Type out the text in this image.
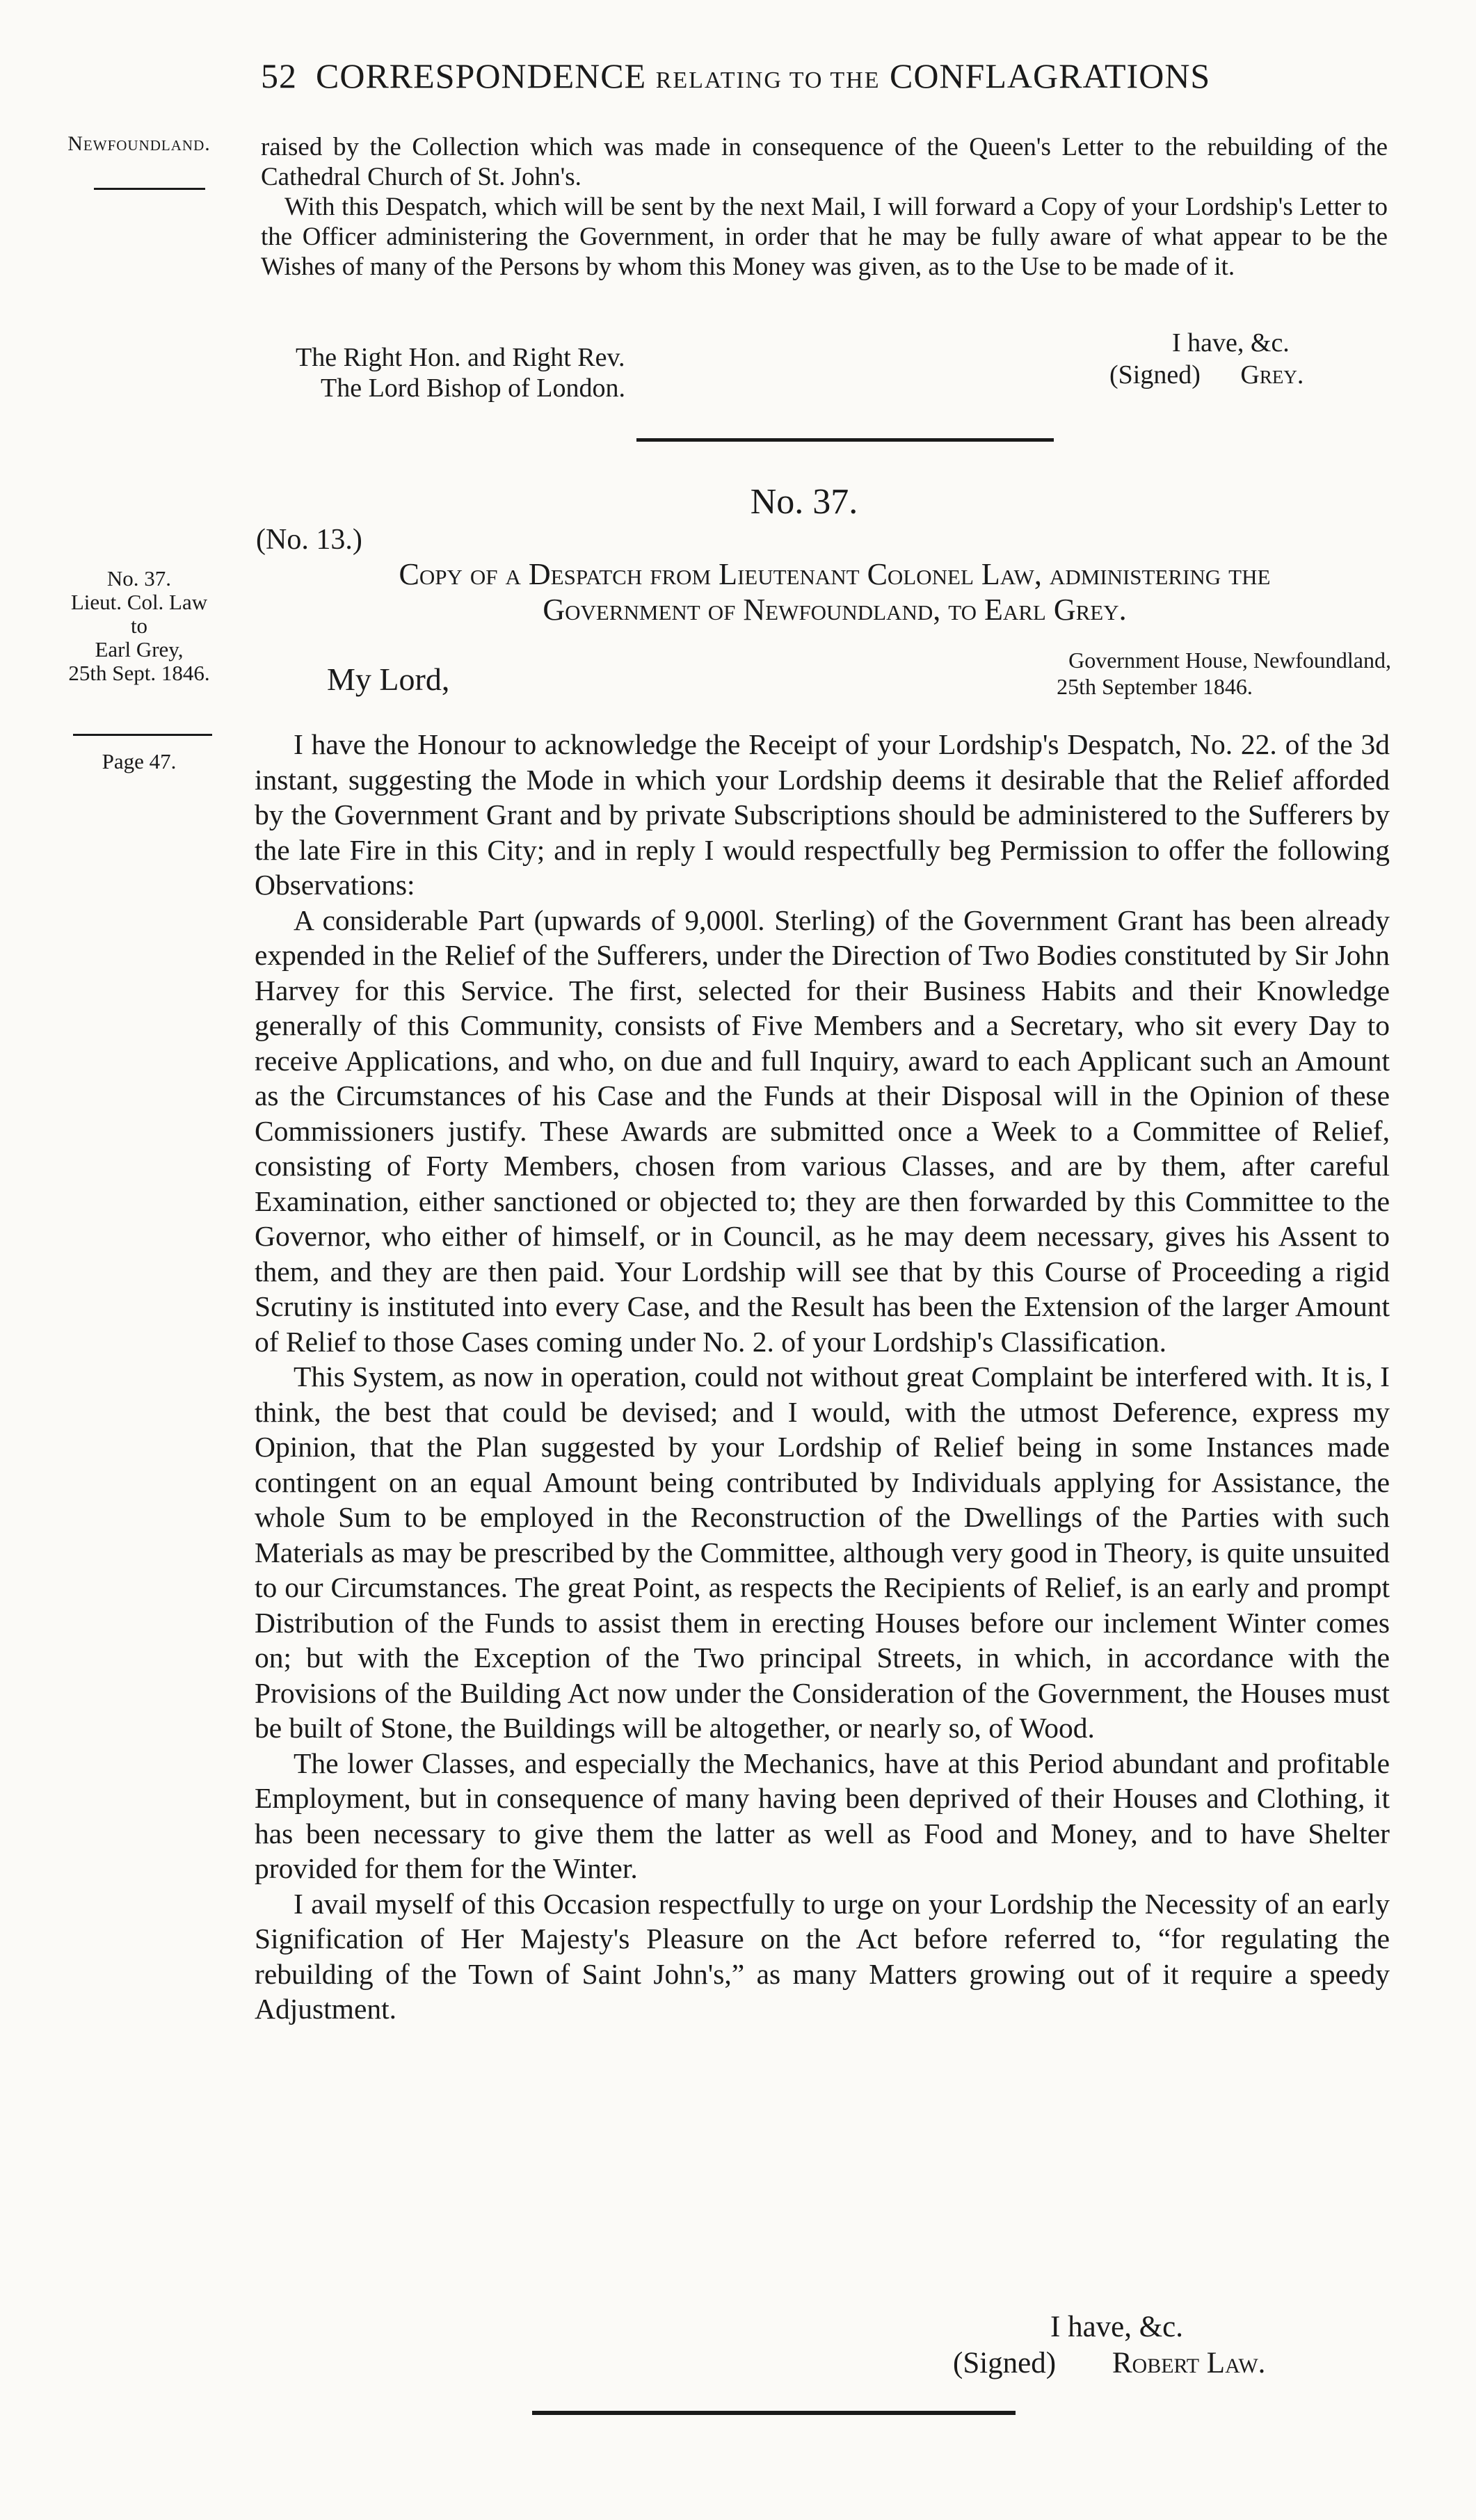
52 CORRESPONDENCE RELATING TO THE CONFLAGRATIONS
Newfoundland.	raised by the Collection which was made in consequence of the Queen's Letter to the rebuilding of the Cathedral Church of St. John's.

With this Despatch, which will be sent by the next Mail, I will forward a Copy of your Lordship's Letter to the Officer administering the Government, in order that he may be fully aware of what appear to be the Wishes of many of the Persons by whom this Money was given, as to the Use to be made of it.

The Right Hon. and Right Rev.
The Lord Bishop of London.
I have, &c.
(Signed) Grey.
No. 37.
(No. 13.)
Copy of a Despatch from Lieutenant Colonel Law, administering the
Government of Newfoundland, to Earl Grey.
No. 37.
Lieut. Col. Law
to
Earl Grey,
25th Sept. 1846.
Page 47.
Government House, Newfoundland,
25th September 1846.
My Lord,

I have the Honour to acknowledge the Receipt of your Lordship's Despatch, No. 22. of the 3d instant, suggesting the Mode in which your Lordship deems it desirable that the Relief afforded by the Government Grant and by private Subscriptions should be administered to the Sufferers by the late Fire in this City; and in reply I would respectfully beg Permission to offer the following Observations:

A considerable Part (upwards of 9,000l. Sterling) of the Government Grant has been already expended in the Relief of the Sufferers, under the Direction of Two Bodies constituted by Sir John Harvey for this Service. The first, selected for their Business Habits and their Knowledge generally of this Community, consists of Five Members and a Secretary, who sit every Day to receive Applications, and who, on due and full Inquiry, award to each Applicant such an Amount as the Circumstances of his Case and the Funds at their Disposal will in the Opinion of these Commissioners justify. These Awards are submitted once a Week to a Committee of Relief, consisting of Forty Members, chosen from various Classes, and are by them, after careful Examination, either sanctioned or objected to; they are then forwarded by this Committee to the Governor, who either of himself, or in Council, as he may deem necessary, gives his Assent to them, and they are then paid. Your Lordship will see that by this Course of Proceeding a rigid Scrutiny is instituted into every Case, and the Result has been the Extension of the larger Amount of Relief to those Cases coming under No. 2. of your Lordship's Classification.

This System, as now in operation, could not without great Complaint be interfered with. It is, I think, the best that could be devised; and I would, with the utmost Deference, express my Opinion, that the Plan suggested by your Lordship of Relief being in some Instances made contingent on an equal Amount being contributed by Individuals applying for Assistance, the whole Sum to be employed in the Reconstruction of the Dwellings of the Parties with such Materials as may be prescribed by the Committee, although very good in Theory, is quite unsuited to our Circumstances. The great Point, as respects the Recipients of Relief, is an early and prompt Distribution of the Funds to assist them in erecting Houses before our inclement Winter comes on; but with the Exception of the Two principal Streets, in which, in accordance with the Provisions of the Building Act now under the Consideration of the Government, the Houses must be built of Stone, the Buildings will be altogether, or nearly so, of Wood.

The lower Classes, and especially the Mechanics, have at this Period abundant and profitable Employment, but in consequence of many having been deprived of their Houses and Clothing, it has been necessary to give them the latter as well as Food and Money, and to have Shelter provided for them for the Winter.

I avail myself of this Occasion respectfully to urge on your Lordship the Necessity of an early Signification of Her Majesty's Pleasure on the Act before referred to, “for regulating the rebuilding of the Town of Saint John's,” as many Matters growing out of it require a speedy Adjustment.

I have, &c.
(Signed) Robert Law.
